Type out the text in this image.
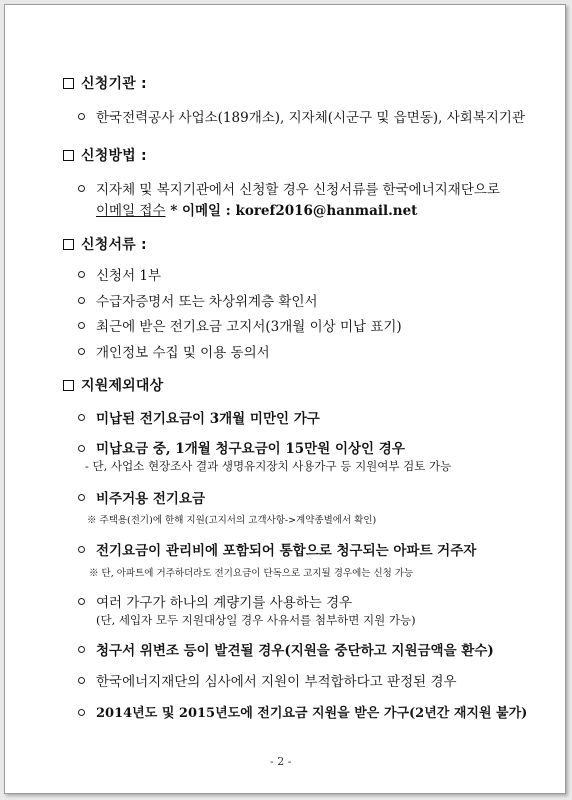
신청기관 :
한국전력공사 사업소(189개소), 지자체(시군구 및 읍면동), 사회복지기관
신청방법 :
지자체 및 복지기관에서 신청할 경우 신청서류를 한국에너지재단으로
이메일 접수 * 이메일 : koref2016@hanmail.net
신청서류 :
신청서 1부
수급자증명서 또는 차상위계층 확인서
최근에 받은 전기요금 고지서(3개월 이상 미납 표기)
개인정보 수집 및 이용 동의서
지원제외대상
미납된 전기요금이 3개월 미만인 가구
미납요금 중, 1개월 청구요금이 15만원 이상인 경우
- 단, 사업소 현장조사 결과 생명유지장치 사용가구 등 지원여부 검토 가능
비주거용 전기요금
※ 주택용(전기)에 한해 지원(고지서의 고객사항->계약종별에서 확인)
전기요금이 관리비에 포함되어 통합으로 청구되는 아파트 거주자
※ 단, 아파트에 거주하더라도 전기요금이 단독으로 고지될 경우에는 신청 가능
여러 가구가 하나의 계량기를 사용하는 경우
(단, 세입자 모두 지원대상일 경우 사유서를 첨부하면 지원 가능)
청구서 위변조 등이 발견될 경우(지원을 중단하고 지원금액을 환수)
한국에너지재단의 심사에서 지원이 부적합하다고 판정된 경우
2014년도 및 2015년도에 전기요금 지원을 받은 가구(2년간 재지원 불가)
- 2 -
